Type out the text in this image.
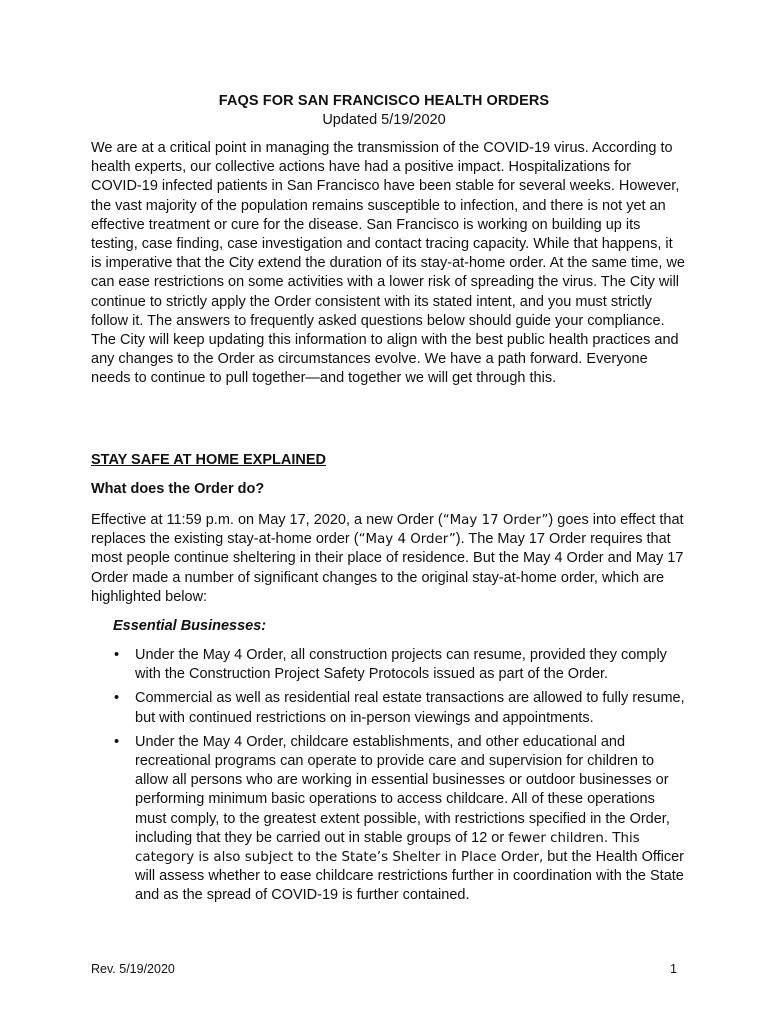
FAQS FOR SAN FRANCISCO HEALTH ORDERS
Updated 5/19/2020

We are at a critical point in managing the transmission of the COVID-19 virus. According to health experts, our collective actions have had a positive impact. Hospitalizations for COVID-19 infected patients in San Francisco have been stable for several weeks. However, the vast majority of the population remains susceptible to infection, and there is not yet an effective treatment or cure for the disease. San Francisco is working on building up its testing, case finding, case investigation and contact tracing capacity. While that happens, it is imperative that the City extend the duration of its stay-at-home order. At the same time, we can ease restrictions on some activities with a lower risk of spreading the virus. The City will continue to strictly apply the Order consistent with its stated intent, and you must strictly follow it. The answers to frequently asked questions below should guide your compliance. The City will keep updating this information to align with the best public health practices and any changes to the Order as circumstances evolve. We have a path forward. Everyone needs to continue to pull together—and together we will get through this.

STAY SAFE AT HOME EXPLAINED
What does the Order do?

Effective at 11:59 p.m. on May 17, 2020, a new Order (“May 17 Order”) goes into effect that replaces the existing stay-at-home order (“May 4 Order”). The May 17 Order requires that most people continue sheltering in their place of residence. But the May 4 Order and May 17 Order made a number of significant changes to the original stay-at-home order, which are highlighted below:

Essential Businesses:
• Under the May 4 Order, all construction projects can resume, provided they comply with the Construction Project Safety Protocols issued as part of the Order.
• Commercial as well as residential real estate transactions are allowed to fully resume, but with continued restrictions on in-person viewings and appointments.
• Under the May 4 Order, childcare establishments, and other educational and recreational programs can operate to provide care and supervision for children to allow all persons who are working in essential businesses or outdoor businesses or performing minimum basic operations to access childcare. All of these operations must comply, to the greatest extent possible, with restrictions specified in the Order, including that they be carried out in stable groups of 12 or fewer children. This category is also subject to the State’s Shelter in Place Order, but the Health Officer will assess whether to ease childcare restrictions further in coordination with the State and as the spread of COVID-19 is further contained.
Rev. 5/19/2020	1
